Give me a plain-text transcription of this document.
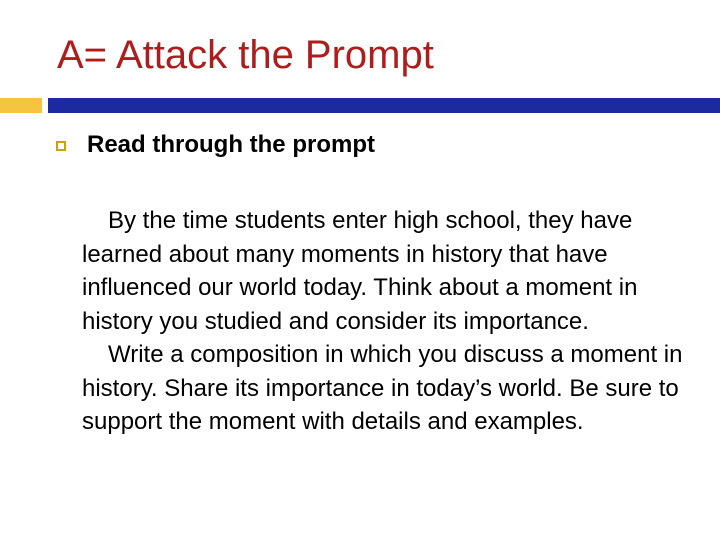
A= Attack the Prompt
Read through the prompt

By the time students enter high school, they have learned about many moments in history that have influenced our world today. Think about a moment in history you studied and consider its importance.

Write a composition in which you discuss a moment in history. Share its importance in today’s world. Be sure to support the moment with details and examples.
